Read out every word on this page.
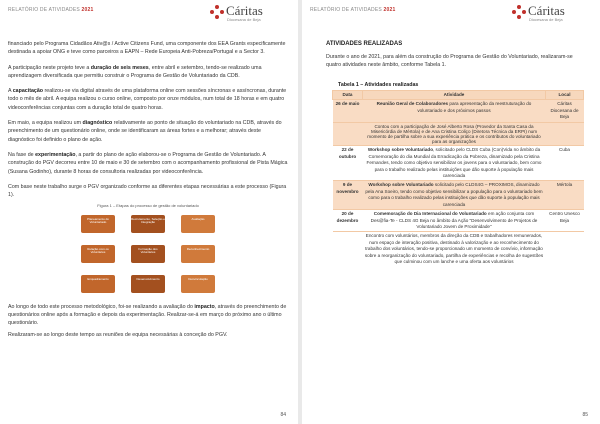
RELATÓRIO DE ATIVIDADES 2021	Cáritas
Diocesana de Beja

financiado pelo Programa Cidadãos Ativ@s / Active Citizens Fund, uma componente dos EEA Grants especificamente destinada a apoiar ONG e teve como parceiros a EAPN – Rede Europeia Anti-Pobreza/Portugal e a Sector 3.

A participação neste projeto teve a duração de seis meses, entre abril e setembro, tendo-se realizado uma aprendizagem diversificada que permitiu construir o Programa de Gestão de Voluntariado da CDB.

A capacitação realizou-se via digital através de uma plataforma online com sessões síncronas e assíncronas, durante todo o mês de abril. A equipa realizou o curso online, composto por onze módulos, num total de 18 horas e em quatro videoconferências conjuntas com a duração total de quatro horas.

Em maio, a equipa realizou um diagnóstico relativamente ao ponto de situação do voluntariado na CDB, através do preenchimento de um questionário online, onde se identificaram as áreas fortes e a melhorar; através deste diagnóstico foi definido o plano de ação.

Na fase de experimentação, a partir do plano de ação elaborou-se o Programa de Gestão de Voluntariado. A construção do PGV decorreu entre 10 de maio e 30 de setembro com o acompanhamento profissional de Pista Mágica (Susana Godinho), durante 8 horas de consultoria realizadas por videoconferência.

Com base neste trabalho surge o PGV organizado conforme as diferentes etapas necessárias a este processo (Figura 1).

Figura 1 – Etapas do processo de gestão de voluntariado
Planeamento do Voluntariado
Recrutamento, Seleção e Integração
Avaliação
Relação com os Voluntários
Formação dos Voluntários
Reconhecimento
Enquadramento	Desenvolvimento	Desvinculação

Ao longo de todo este processo metodológico, foi-se realizando a avaliação do impacto, através do preenchimento de questionários online após a formação e depois da experimentação. Realizar-se-á em março do próximo ano o último questionário.

Realizaram-se ao longo deste tempo as reuniões de equipa necessárias à conceção do PGV.

84
RELATÓRIO DE ATIVIDADES 2021	Cáritas
Diocesana de Beja
ATIVIDADES REALIZADAS
Durante o ano de 2021, para além da construção do Programa de Gestão do Voluntariado, realizaram-se quatro atividades neste âmbito, conforme Tabela 1.
Tabela 1 – Atividades realizadas
Data	Atividade	Local
26 de maio	Reunião Geral de Colaboradores para apresentação da reestruturação do voluntariado e dos próximos passos	Cáritas Diocesana de Beja
	Contou com a participação de José Alberto Rosa (Provedor da Santa Casa da Misericórdia de Mértola) e de Ana Cristina Coliço (Diretora Técnica da ERPI) num momento de partilha sobre a sua experiência prática e os contributos do voluntariado para as organizações	
22 de outubro	Workshop sobre Voluntariado, solicitado pelo CLDS Cuba (Con)Vida no âmbito da Comemoração do dia Mundial da Erradicação da Pobreza, dinamizado pela Cristina Fernandes, tendo como objetivo sensibilizar os jovens para o voluntariado, bem como para o trabalho realizado pelas instituições que dão suporte à população mais carenciada	Cuba
9 de novembro	Workshop sobre Voluntariado solicitado pelo CLDS4G – PROXIMOS, dinamizado pela Ana Soeiro, tendo como objetivo sensibilizar a população para o voluntariado bem como para o trabalho realizado pelas instituições que dão suporte à população mais carenciada	Mértola
20 de dezembro	Comemoração do Dia Internacional do Voluntariado em ação conjunta com Des@fia-Te - CLDS 4G Beja no âmbito da Ação "Desenvolvimento de Projetos de Voluntariado Jovem de Proximidade"	Centro Unesco Beja
	Encontro com voluntários, membros da direção da CDB e trabalhadores remunerados, num espaço de interação positiva, destinado à valorização e ao reconhecimento do trabalho dos voluntários, tendo-se proporcionado um momento de convívio, informação sobre a reorganização do voluntariado, partilha de experiências e recolha de sugestões que culminou com um lanche e uma oferta aos voluntários	
85
